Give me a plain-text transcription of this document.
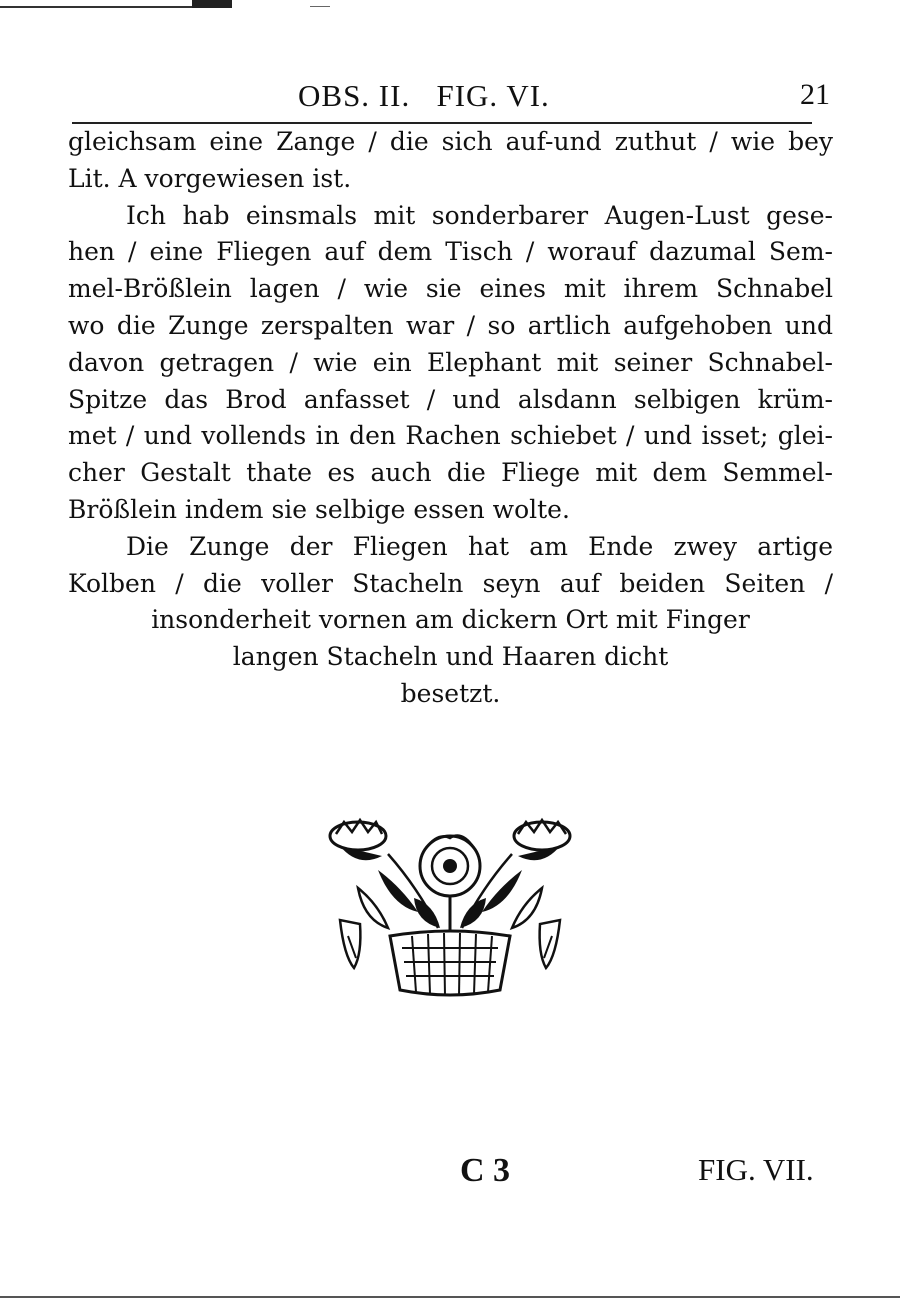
OBS. II.   FIG. VI.	21
gleichsam eine Zange / die sich auf-und zuthut / wie bey
Lit. A vorgewiesen ist.
Ich hab einsmals mit sonderbarer Augen-Lust gese-
hen / eine Fliegen auf dem Tisch / worauf dazumal Sem-
mel-Brößlein lagen / wie sie eines mit ihrem Schnabel
wo die Zunge zerspalten war / so artlich aufgehoben und
davon getragen / wie ein Elephant mit seiner Schnabel-
Spitze das Brod anfasset / und alsdann selbigen krüm-
met / und vollends in den Rachen schiebet / und isset; glei-
cher Gestalt thate es auch die Fliege mit dem Semmel-
Brößlein indem sie selbige essen wolte.
Die Zunge der Fliegen hat am Ende zwey artige
Kolben / die voller Stacheln seyn auf beiden Seiten /
insonderheit vornen am dickern Ort mit Finger
langen Stacheln und Haaren dicht
besetzt.
C 3	FIG. VII.
